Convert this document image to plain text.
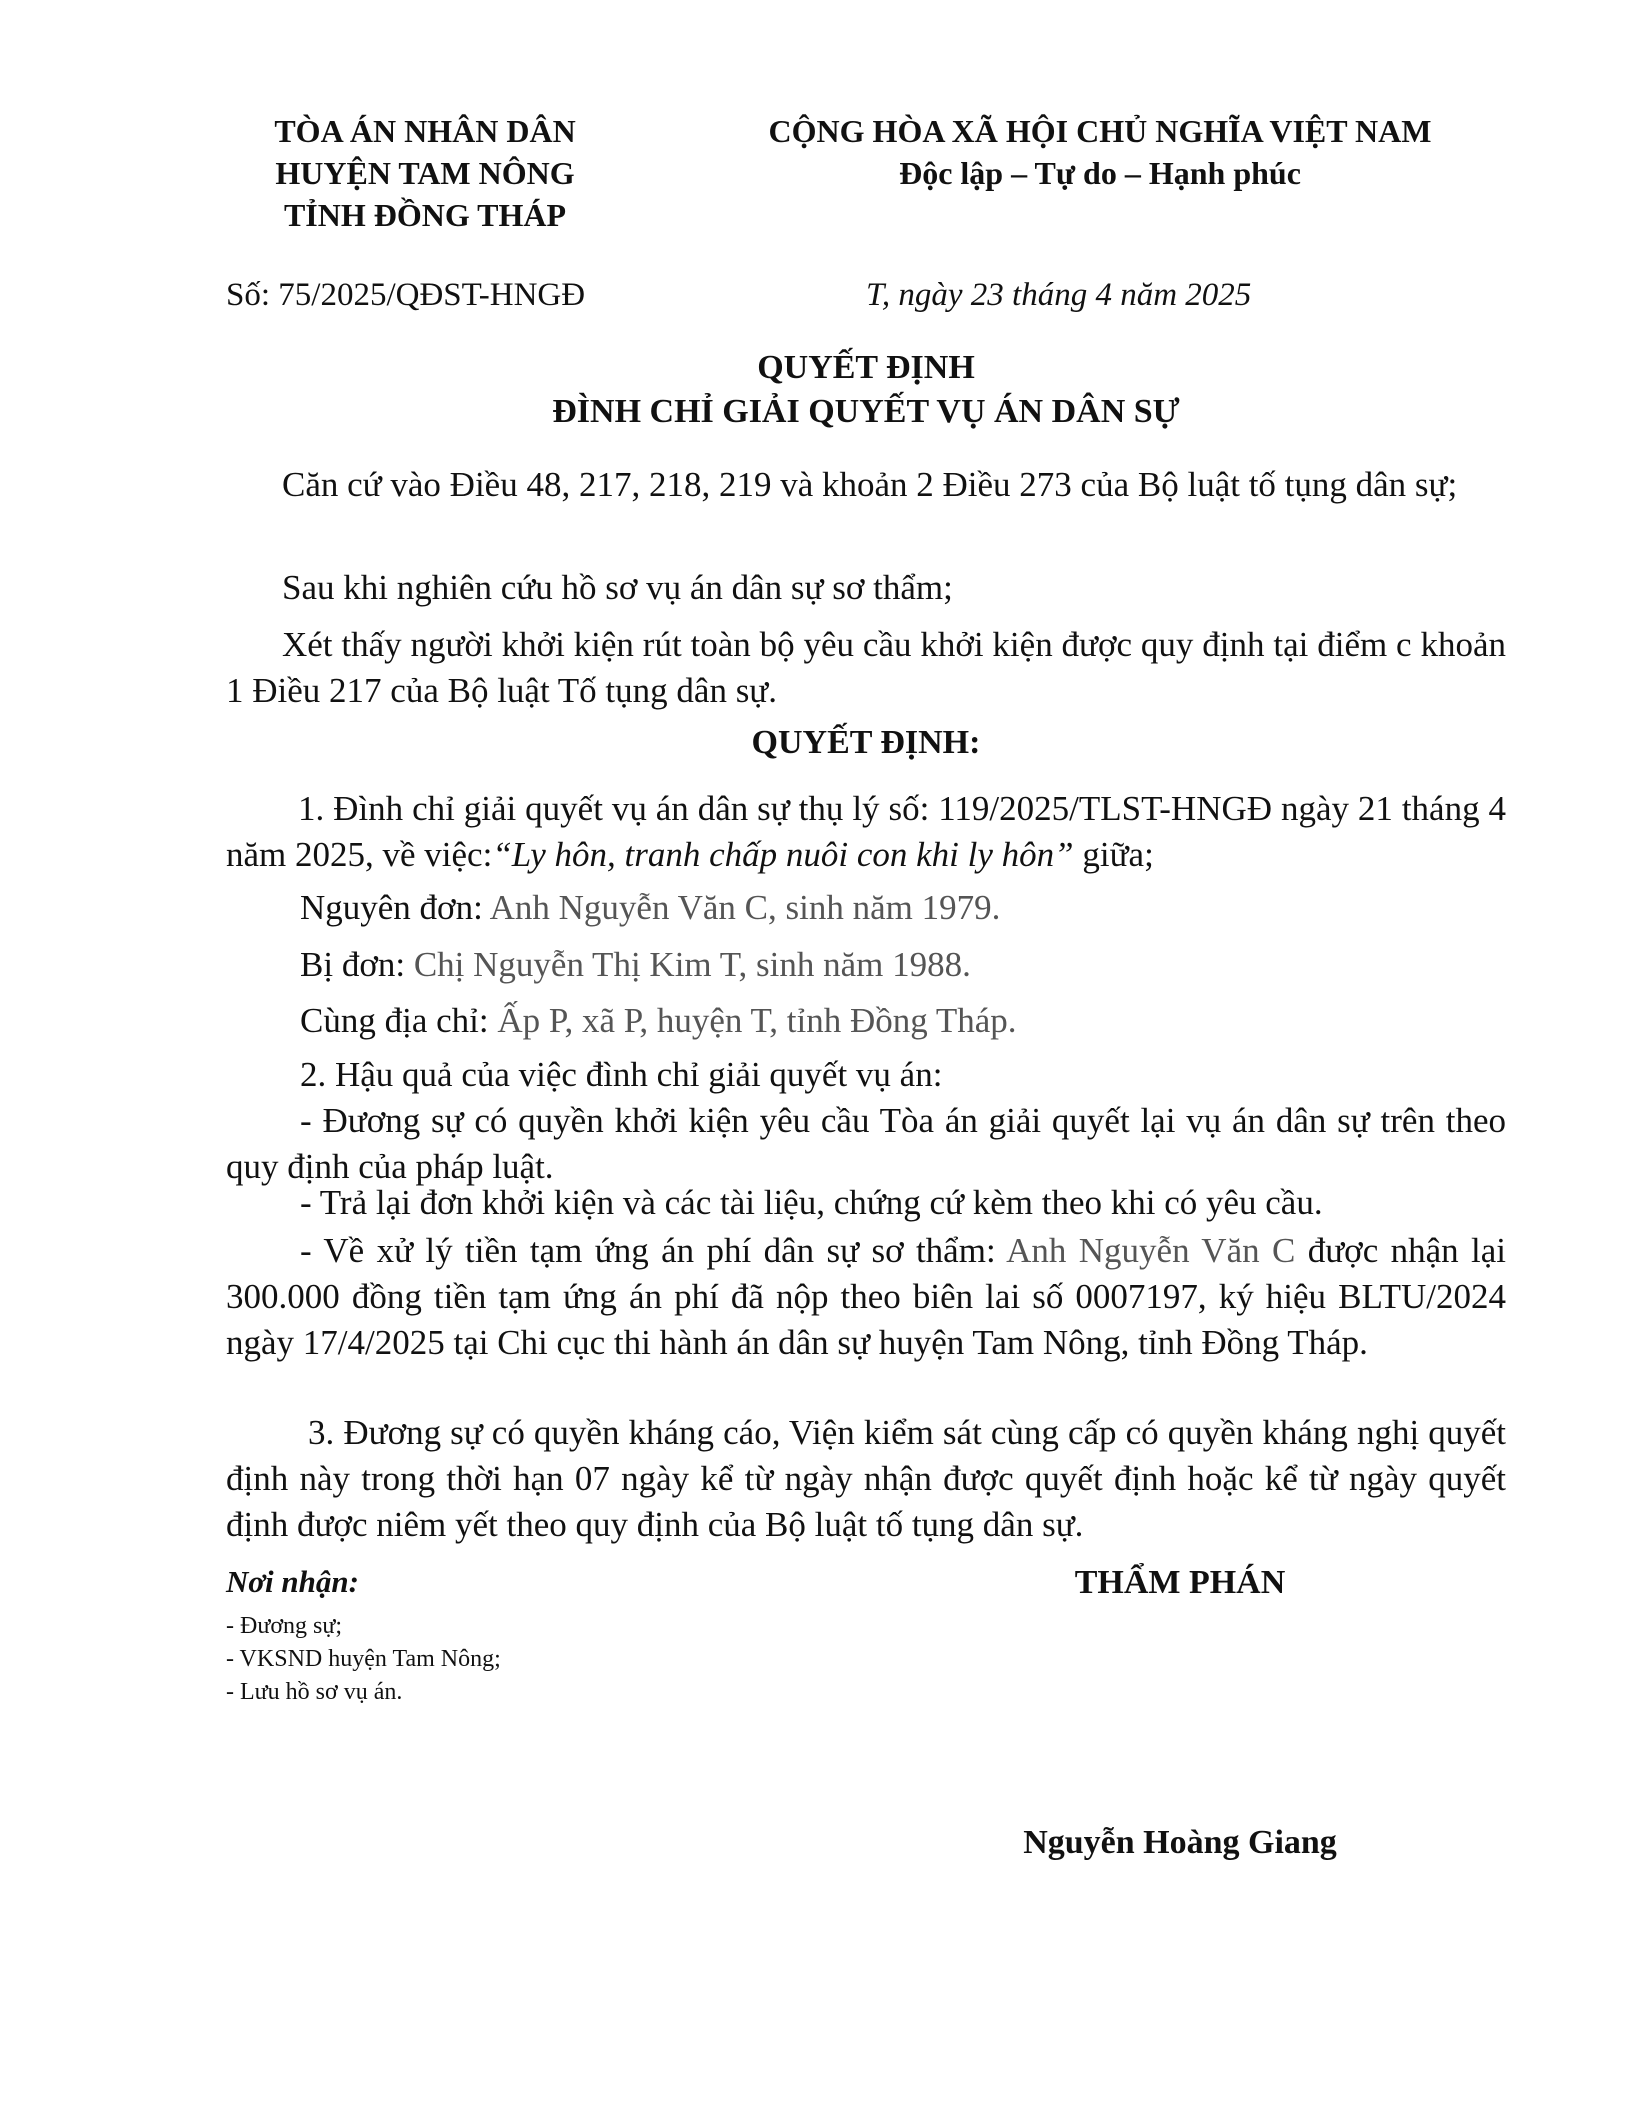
TÒA ÁN NHÂN DÂN
HUYỆN TAM NÔNG
TỈNH ĐỒNG THÁP
CỘNG HÒA XÃ HỘI CHỦ NGHĨA VIỆT NAM
Độc lập – Tự do – Hạnh phúc
Số: 75/2025/QĐST-HNGĐ	T, ngày 23 tháng 4 năm 2025
QUYẾT ĐỊNH
ĐÌNH CHỈ GIẢI QUYẾT VỤ ÁN DÂN SỰ
Căn cứ vào Điều 48, 217, 218, 219 và khoản 2 Điều 273 của Bộ luật tố tụng dân sự;
Sau khi nghiên cứu hồ sơ vụ án dân sự sơ thẩm;
Xét thấy người khởi kiện rút toàn bộ yêu cầu khởi kiện được quy định tại điểm c khoản 1 Điều 217 của Bộ luật Tố tụng dân sự.
QUYẾT ĐỊNH:
1. Đình chỉ giải quyết vụ án dân sự thụ lý số: 119/2025/TLST-HNGĐ ngày 21 tháng 4 năm 2025, về việc:“Ly hôn, tranh chấp nuôi con khi ly hôn” giữa;
Nguyên đơn: Anh Nguyễn Văn C, sinh năm 1979.
Bị đơn: Chị Nguyễn Thị Kim T, sinh năm 1988.
Cùng địa chỉ: Ấp P, xã P, huyện T, tỉnh Đồng Tháp.
2. Hậu quả của việc đình chỉ giải quyết vụ án:
- Đương sự có quyền khởi kiện yêu cầu Tòa án giải quyết lại vụ án dân sự trên theo quy định của pháp luật.
- Trả lại đơn khởi kiện và các tài liệu, chứng cứ kèm theo khi có yêu cầu.
- Về xử lý tiền tạm ứng án phí dân sự sơ thẩm: Anh Nguyễn Văn C được nhận lại 300.000 đồng tiền tạm ứng án phí đã nộp theo biên lai số 0007197, ký hiệu BLTU/2024 ngày 17/4/2025 tại Chi cục thi hành án dân sự huyện Tam Nông, tỉnh Đồng Tháp.
3. Đương sự có quyền kháng cáo, Viện kiểm sát cùng cấp có quyền kháng nghị quyết định này trong thời hạn 07 ngày kể từ ngày nhận được quyết định hoặc kể từ ngày quyết định được niêm yết theo quy định của Bộ luật tố tụng dân sự.
Nơi nhận:
- Đương sự;
- VKSND huyện Tam Nông;
- Lưu hồ sơ vụ án.
THẨM PHÁN
Nguyễn Hoàng Giang
